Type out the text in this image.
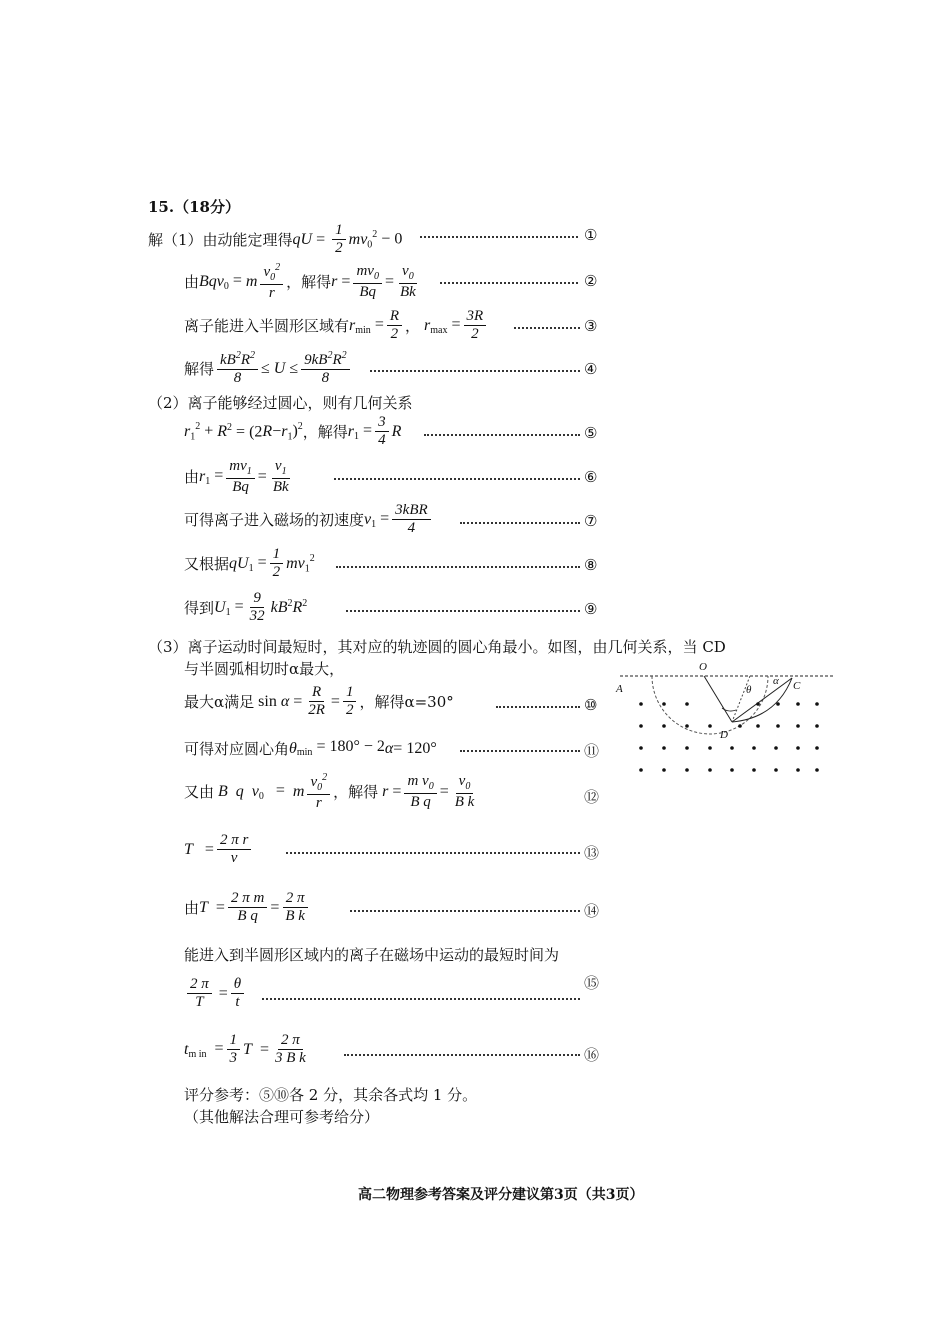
15.（18分）
解（1）由动能定理得 qU = $\frac{1}{2}$ mv $_0^2$ − 0	①
由 Bqv $_0$ = m $\frac{v_0^2}{r}$ ，解得 $r = \frac{mv_0}{Bq} = \frac{v_0}{Bk}$	②
离子能进入半圆形区域有 r $_{min} = \frac{R}{2}$ ， r $_{max} = \frac{3R}{2}$	③
解得 $\frac{kB^2R^2}{8} \le U \le \frac{9kB^2R^2}{8}$	④
（2）离子能够经过圆心，则有几何关系
r $_1^2$ + R $^2$ = (2 R − r $_1$)$^2$ ，解得 r $_1 = \frac{3}{4}$ R	⑤
由 r $_1 = \frac{mv_1}{Bq} = \frac{v_1}{Bk}$	⑥
可得离子进入磁场的初速度 v $_1 = \frac{\text{3kBR}}{4}$	⑦
又根据 qU $_1 = \frac{1}{2}$ mv $_1^2$	⑧
得到 U $_1 = \frac{9}{32}$ kB $^2$ R $^2$	⑨
（3）离子运动时间最短时，其对应的轨迹圆的圆心角最小。如图，由几何关系，当 CD
与半圆弧相切时α最大，
最大α满足 $\sin \alpha = \frac{R}{2R} = \frac{1}{2}$ ，解得α=30°	⑩
可得对应圆心角 θ $_{min}$ = 180° − 2 α = 120°	⑪
又由 B  q  v $_0$   = m $\frac{v_0^2}{r}$ ，解得 $r = \frac{m v_0}{\text{B q}} = \frac{v_0}{\text{B k}}$	⑫
$T = \frac{\text{2 π r}}{v}$	⑬
由 $T = \frac{\text{2 π m}}{\text{B q}} = \frac{2 \pi}{\text{B k}}$	⑭
能进入到半圆形区域内的离子在磁场中运动的最短时间为
$\frac{2 \pi}{T} = \frac{\theta}{t}$	⑮
t $_{m in} = \frac{1}{3}$ $T = \frac{2 \pi}{\text{3 B k}}$	⑯
评分参考：⑤⑩各 2 分，其余各式均 1 分。
（其他解法合理可参考给分）
高二物理参考答案及评分建议第3页（共3页）
O
A	C
D
θ
α
